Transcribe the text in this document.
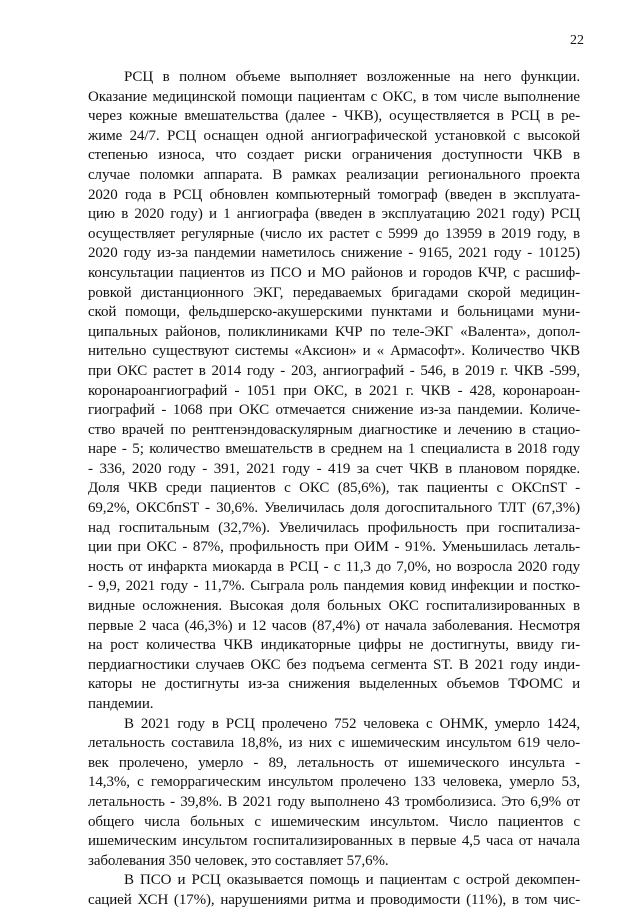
22
РСЦ в полном объеме выполняет возложенные на него функции.
Оказание медицинской помощи пациентам с ОКС, в том числе выполнение
через кожные вмешательства (далее - ЧКВ), осуществляется в РСЦ в ре-
жиме 24/7. РСЦ оснащен одной ангиографической установкой с высокой
степенью износа, что создает риски ограничения доступности ЧКВ в
случае поломки аппарата. В рамках реализации регионального проекта
2020 года в РСЦ обновлен компьютерный томограф (введен в эксплуата-
цию в 2020 году) и 1 ангиографа (введен в эксплуатацию 2021 году) РСЦ
осуществляет регулярные (число их растет с 5999 до 13959 в 2019 году, в
2020 году из-за пандемии наметилось снижение - 9165, 2021 году - 10125)
консультации пациентов из ПСО и МО районов и городов КЧР, с расшиф-
ровкой дистанционного ЭКГ, передаваемых бригадами скорой медицин-
ской помощи, фельдшерско-акушерскими пунктами и больницами муни-
ципальных районов, поликлиниками КЧР по теле-ЭКГ «Валента», допол-
нительно существуют системы «Аксион» и « Армасофт». Количество ЧКВ
при ОКС растет в 2014 году - 203, ангиографий - 546, в 2019 г. ЧКВ -599,
коронароангиографий - 1051 при ОКС, в 2021 г. ЧКВ - 428, коронароан-
гиографий - 1068 при ОКС отмечается снижение из-за пандемии. Количе-
ство врачей по рентгенэндоваскулярным диагностике и лечению в стацио-
наре - 5; количество вмешательств в среднем на 1 специалиста в 2018 году
- 336, 2020 году - 391, 2021 году - 419 за счет ЧКВ в плановом порядке.
Доля ЧКВ среди пациентов с ОКС (85,6%), так пациенты с ОКСпST -
69,2%, ОКСбпST - 30,6%. Увеличилась доля догоспитального ТЛТ (67,3%)
над госпитальным (32,7%). Увеличилась профильность при госпитализа-
ции при ОКС - 87%, профильность при ОИМ - 91%. Уменьшилась леталь-
ность от инфаркта миокарда в РСЦ - с 11,3 до 7,0%, но возросла 2020 году
- 9,9, 2021 году - 11,7%. Сыграла роль пандемия ковид инфекции и постко-
видные осложнения. Высокая доля больных ОКС госпитализированных в
первые 2 часа (46,3%) и 12 часов (87,4%) от начала заболевания. Несмотря
на рост количества ЧКВ индикаторные цифры не достигнуты, ввиду ги-
пердиагностики случаев ОКС без подъема сегмента ST. В 2021 году инди-
каторы не достигнуты из-за снижения выделенных объемов ТФОМС и
пандемии.
В 2021 году в РСЦ пролечено 752 человека с ОНМК, умерло 1424,
летальность составила 18,8%, из них с ишемическим инсультом 619 чело-
век пролечено, умерло - 89, летальность от ишемического инсульта -
14,3%, с геморрагическим инсультом пролечено 133 человека, умерло 53,
летальность - 39,8%. В 2021 году выполнено 43 тромболизиса. Это 6,9% от
общего числа больных с ишемическим инсультом. Число пациентов с
ишемическим инсультом госпитализированных в первые 4,5 часа от начала
заболевания 350 человек, это составляет 57,6%.
В ПСО и РСЦ оказывается помощь и пациентам с острой декомпен-
сацией ХСН (17%), нарушениями ритма и проводимости (11%), в том чис-
